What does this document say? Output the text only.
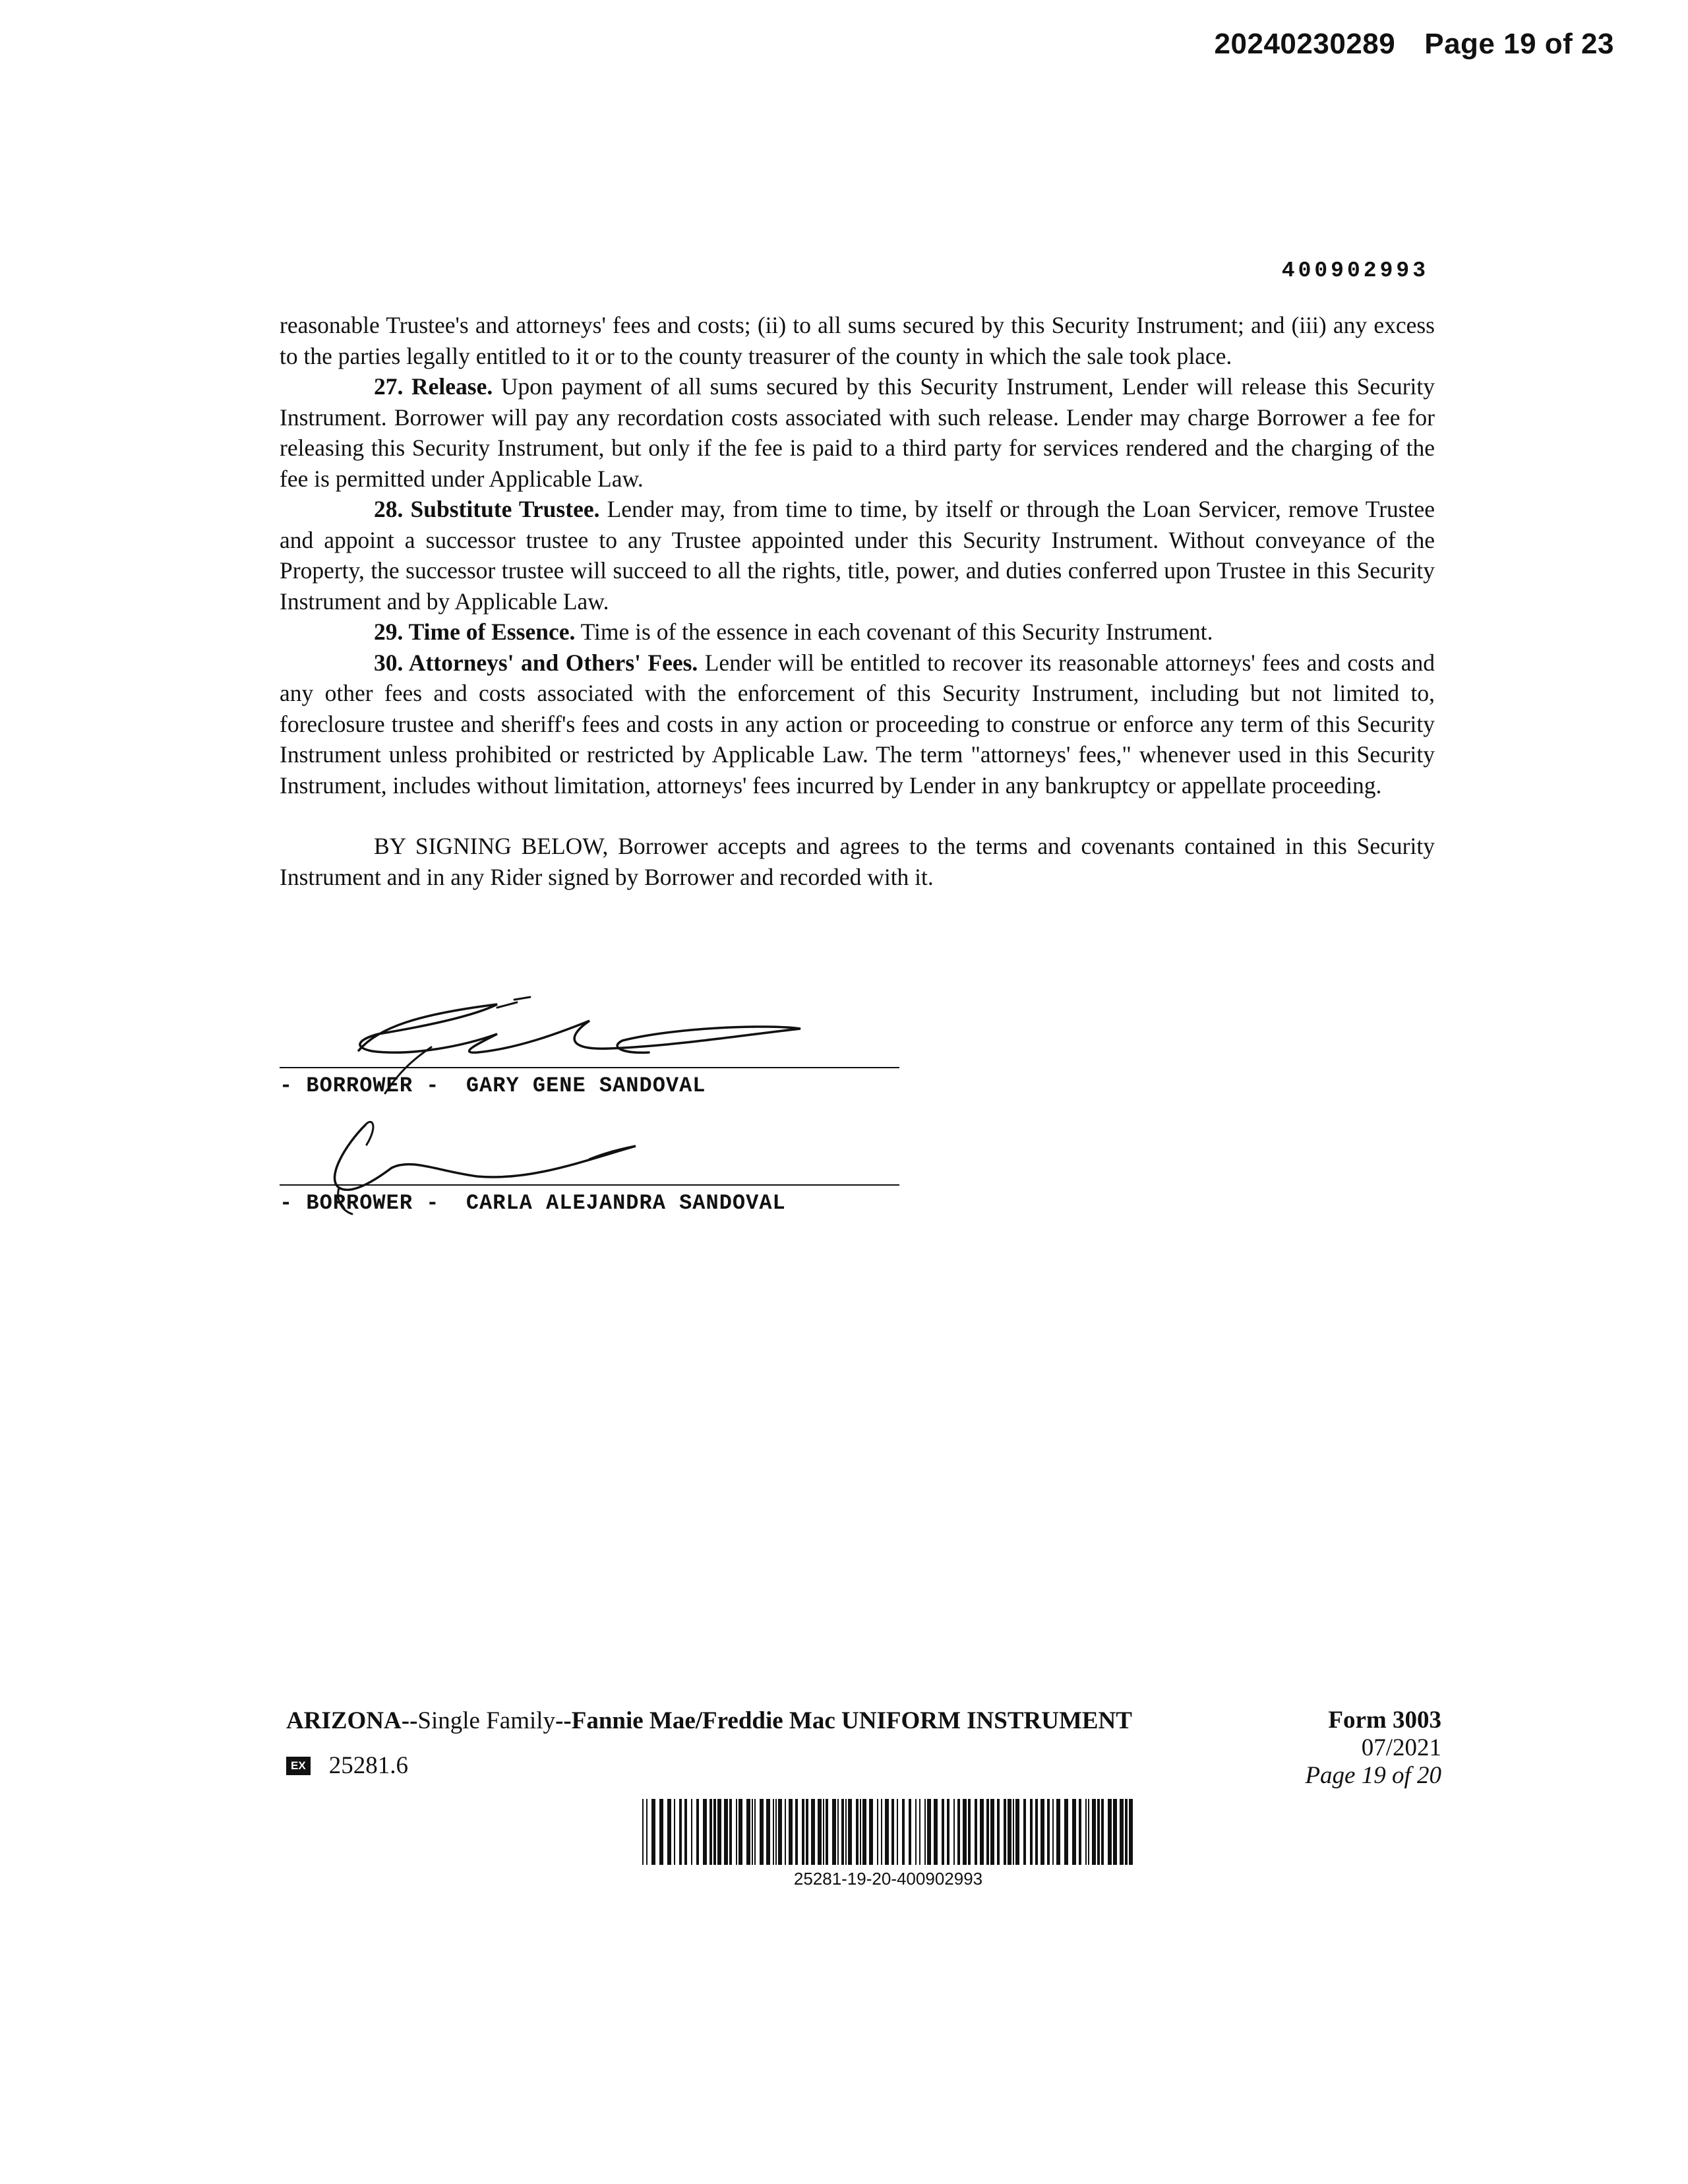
20240230289 Page 19 of 23
400902993

reasonable Trustee's and attorneys' fees and costs; (ii) to all sums secured by this Security Instrument; and (iii) any excess to the parties legally entitled to it or to the county treasurer of the county in which the sale took place.

27. Release. Upon payment of all sums secured by this Security Instrument, Lender will release this Security Instrument. Borrower will pay any recordation costs associated with such release. Lender may charge Borrower a fee for releasing this Security Instrument, but only if the fee is paid to a third party for services rendered and the charging of the fee is permitted under Applicable Law.

28. Substitute Trustee. Lender may, from time to time, by itself or through the Loan Servicer, remove Trustee and appoint a successor trustee to any Trustee appointed under this Security Instrument. Without conveyance of the Property, the successor trustee will succeed to all the rights, title, power, and duties conferred upon Trustee in this Security Instrument and by Applicable Law.

29. Time of Essence. Time is of the essence in each covenant of this Security Instrument.

30. Attorneys' and Others' Fees. Lender will be entitled to recover its reasonable attorneys' fees and costs and any other fees and costs associated with the enforcement of this Security Instrument, including but not limited to, foreclosure trustee and sheriff's fees and costs in any action or proceeding to construe or enforce any term of this Security Instrument unless prohibited or restricted by Applicable Law. The term "attorneys' fees," whenever used in this Security Instrument, includes without limitation, attorneys' fees incurred by Lender in any bankruptcy or appellate proceeding.

BY SIGNING BELOW, Borrower accepts and agrees to the terms and covenants contained in this Security Instrument and in any Rider signed by Borrower and recorded with it.

- BORROWER -  GARY GENE SANDOVAL
- BORROWER -  CARLA ALEJANDRA SANDOVAL
ARIZONA--Single Family--Fannie Mae/Freddie Mac UNIFORM INSTRUMENT
EX 25281.6
Form 3003
07/2021
Page 19 of 20
25281-19-20-400902993
